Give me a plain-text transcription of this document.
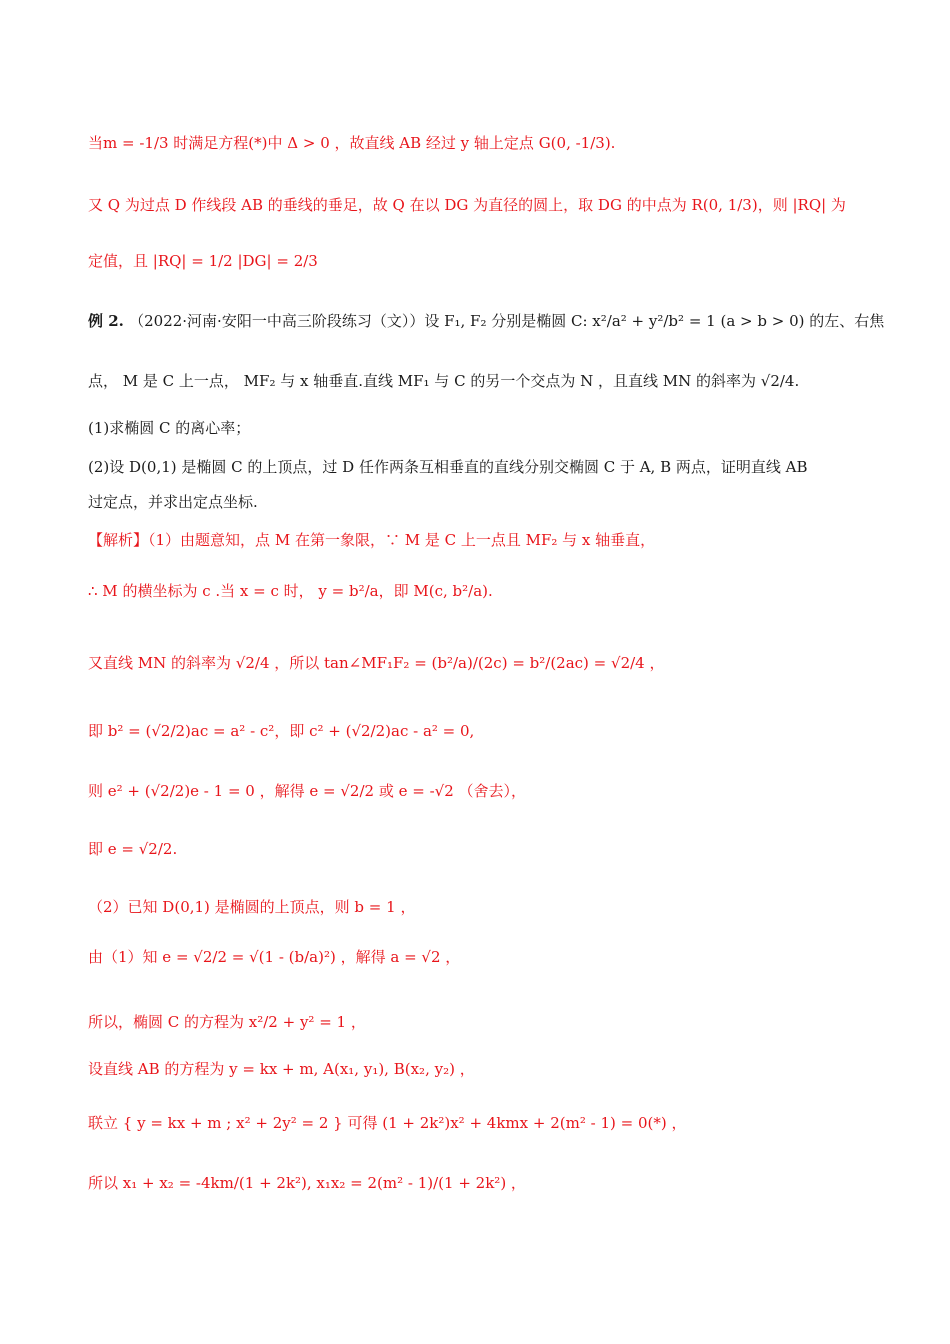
当m = -1/3 时满足方程(*)中 Δ > 0 ，故直线 AB 经过 y 轴上定点 G(0, -1/3).
又 Q 为过点 D 作线段 AB 的垂线的垂足，故 Q 在以 DG 为直径的圆上，取 DG 的中点为 R(0, 1/3)，则 |RQ| 为
定值，且 |RQ| = 1/2 |DG| = 2/3
例 2. （2022·河南·安阳一中高三阶段练习（文））设 F₁, F₂ 分别是椭圆 C: x²/a² + y²/b² = 1 (a > b > 0) 的左、右焦
点， M 是 C 上一点， MF₂ 与 x 轴垂直.直线 MF₁ 与 C 的另一个交点为 N ，且直线 MN 的斜率为 √2/4.
(1)求椭圆 C 的离心率；
(2)设 D(0,1) 是椭圆 C 的上顶点，过 D 任作两条互相垂直的直线分别交椭圆 C 于 A, B 两点，证明直线 AB
过定点，并求出定点坐标.
【解析】（1）由题意知，点 M 在第一象限，∵ M 是 C 上一点且 MF₂ 与 x 轴垂直，
∴ M 的横坐标为 c .当 x = c 时， y = b²/a，即 M(c, b²/a).
又直线 MN 的斜率为 √2/4 ，所以 tan∠MF₁F₂ = (b²/a)/(2c) = b²/(2ac) = √2/4 ，
即 b² = (√2/2)ac = a² - c²，即 c² + (√2/2)ac - a² = 0,
则 e² + (√2/2)e - 1 = 0 ，解得 e = √2/2 或 e = -√2 （舍去），
即 e = √2/2.
（2）已知 D(0,1) 是椭圆的上顶点，则 b = 1 ，
由（1）知 e = √2/2 = √(1 - (b/a)²) ，解得 a = √2 ，
所以，椭圆 C 的方程为 x²/2 + y² = 1 ，
设直线 AB 的方程为 y = kx + m, A(x₁, y₁), B(x₂, y₂) ，
联立 { y = kx + m ; x² + 2y² = 2 } 可得 (1 + 2k²)x² + 4kmx + 2(m² - 1) = 0(*) ，
所以 x₁ + x₂ = -4km/(1 + 2k²), x₁x₂ = 2(m² - 1)/(1 + 2k²) ，
